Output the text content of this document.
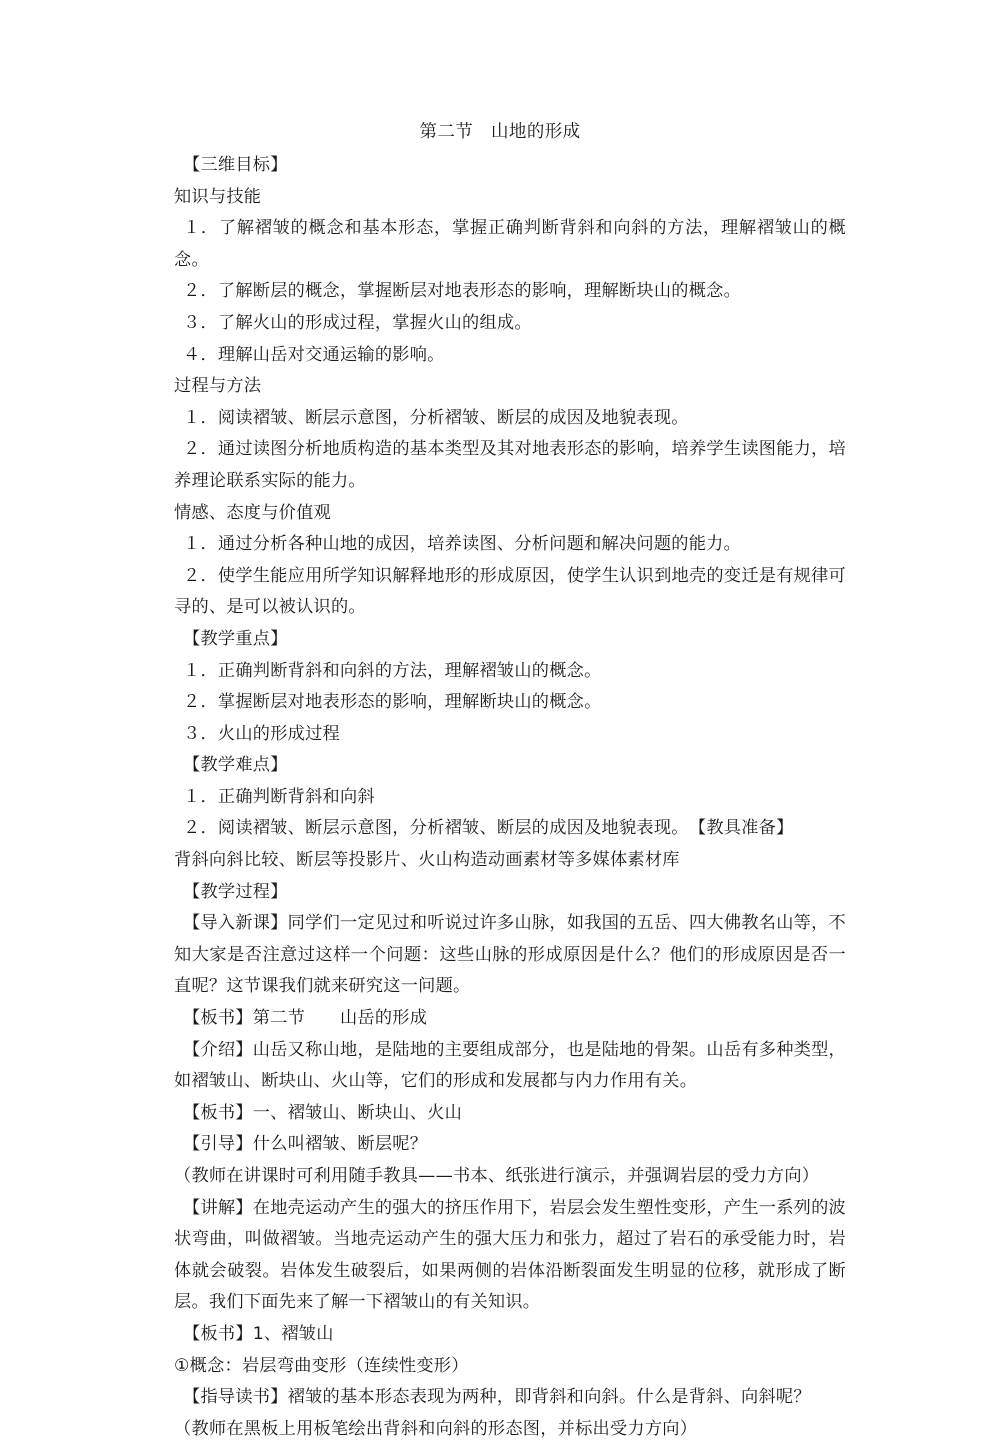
第二节　山地的形成
【三维目标】
知识与技能
１．了解褶皱的概念和基本形态，掌握正确判断背斜和向斜的方法，理解褶皱山的概念。
２．了解断层的概念，掌握断层对地表形态的影响，理解断块山的概念。
３．了解火山的形成过程，掌握火山的组成。
４．理解山岳对交通运输的影响。
过程与方法
１．阅读褶皱、断层示意图，分析褶皱、断层的成因及地貌表现。
２．通过读图分析地质构造的基本类型及其对地表形态的影响，培养学生读图能力，培养理论联系实际的能力。
情感、态度与价值观
１．通过分析各种山地的成因，培养读图、分析问题和解决问题的能力。
２．使学生能应用所学知识解释地形的形成原因，使学生认识到地壳的变迁是有规律可寻的、是可以被认识的。
【教学重点】
１．正确判断背斜和向斜的方法，理解褶皱山的概念。
２．掌握断层对地表形态的影响，理解断块山的概念。
３．火山的形成过程
【教学难点】
１．正确判断背斜和向斜
２．阅读褶皱、断层示意图，分析褶皱、断层的成因及地貌表现。　【教具准备】
背斜向斜比较、断层等投影片、火山构造动画素材等多媒体素材库
【教学过程】
【导入新课】同学们一定见过和听说过许多山脉，如我国的五岳、四大佛教名山等，不知大家是否注意过这样一个问题：这些山脉的形成原因是什么？他们的形成原因是否一直呢？这节课我们就来研究这一问题。
【板书】第二节　　山岳的形成
【介绍】山岳又称山地，是陆地的主要组成部分，也是陆地的骨架。山岳有多种类型，如褶皱山、断块山、火山等，它们的形成和发展都与内力作用有关。
【板书】一、褶皱山、断块山、火山
【引导】什么叫褶皱、断层呢？
（教师在讲课时可利用随手教具——书本、纸张进行演示，并强调岩层的受力方向）
【讲解】在地壳运动产生的强大的挤压作用下，岩层会发生塑性变形，产生一系列的波状弯曲，叫做褶皱。当地壳运动产生的强大压力和张力，超过了岩石的承受能力时，岩体就会破裂。岩体发生破裂后，如果两侧的岩体沿断裂面发生明显的位移，就形成了断层。我们下面先来了解一下褶皱山的有关知识。
【板书】1、褶皱山
①概念：岩层弯曲变形（连续性变形）
【指导读书】褶皱的基本形态表现为两种，即背斜和向斜。什么是背斜、向斜呢？
（教师在黑板上用板笔绘出背斜和向斜的形态图，并标出受力方向）
